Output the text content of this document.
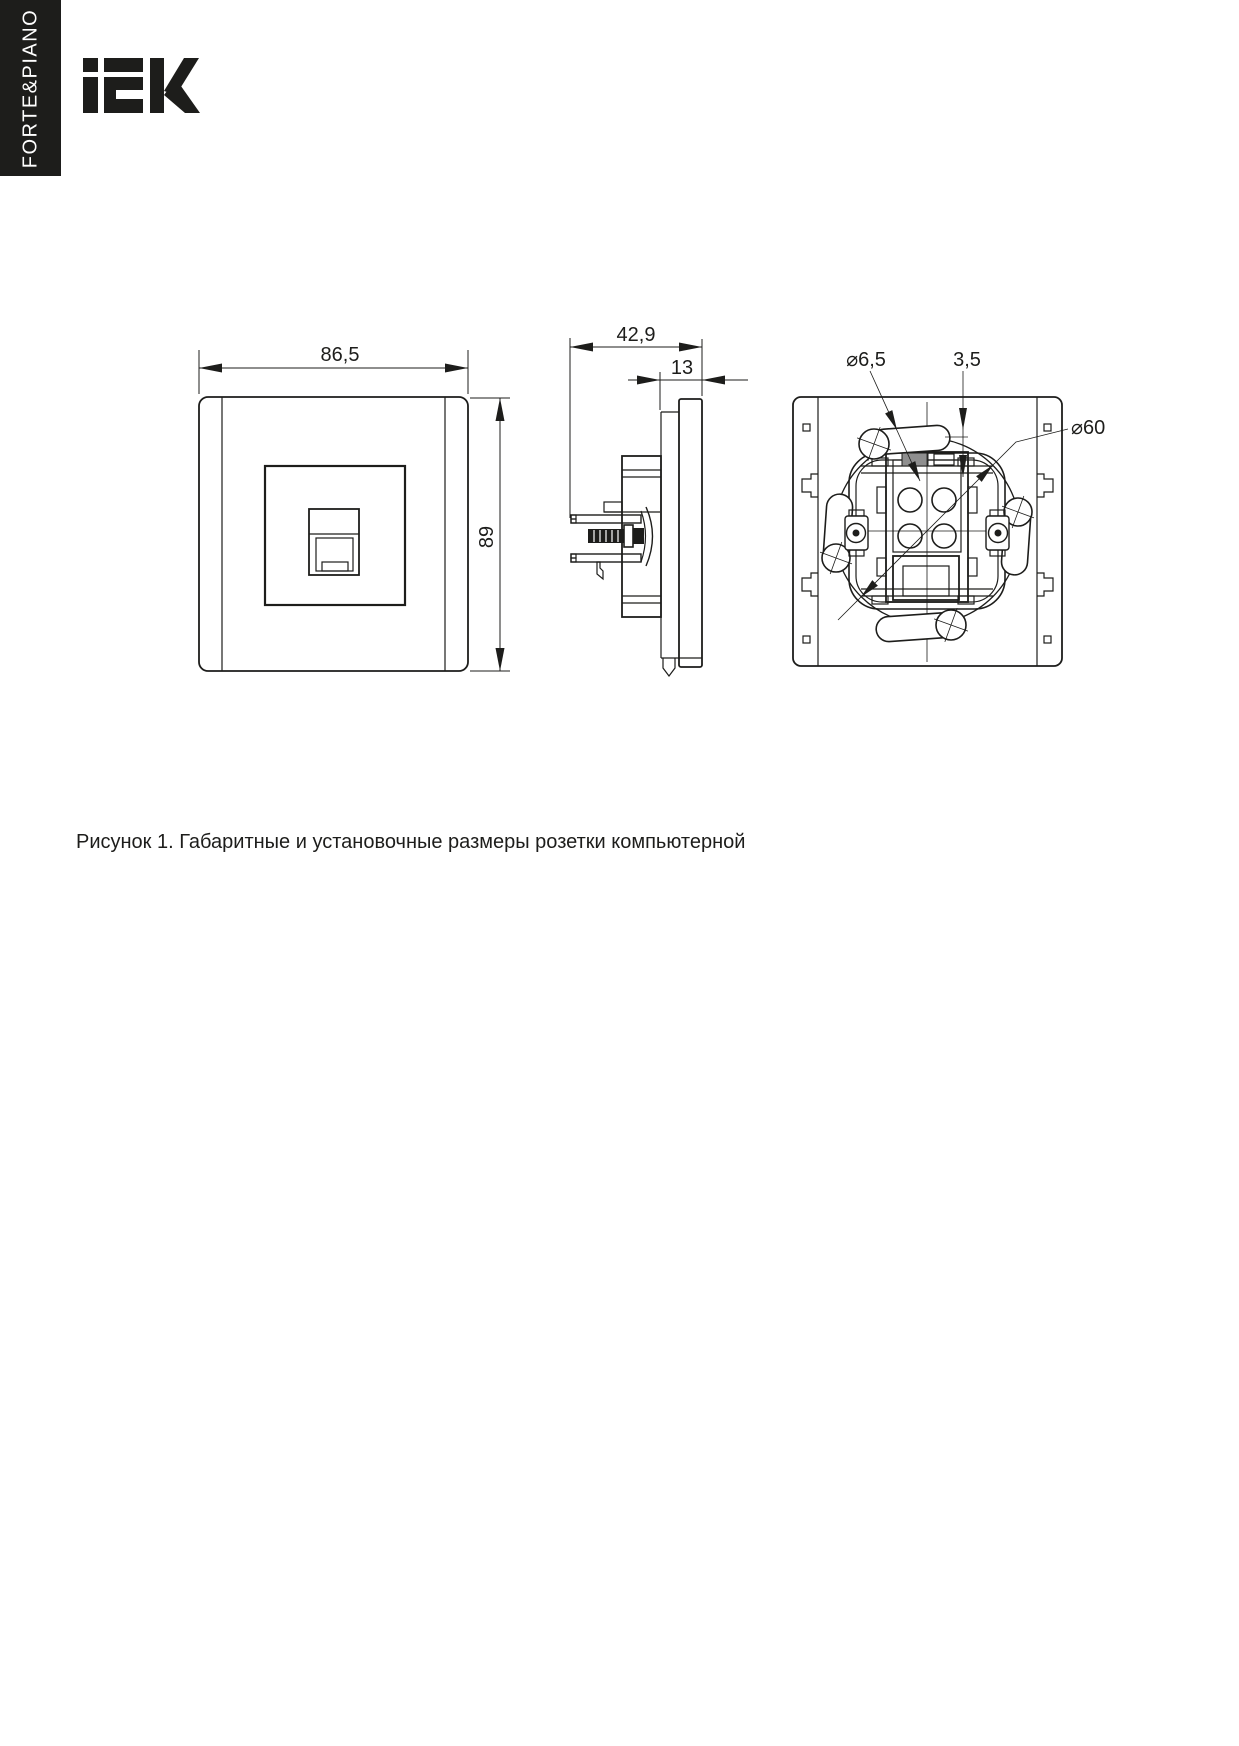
FORTE&PIANO
86,5
89
42,9
13
⌀60
⌀6,5	3,5

Рисунок 1. Габаритные и установочные размеры розетки компьютерной
